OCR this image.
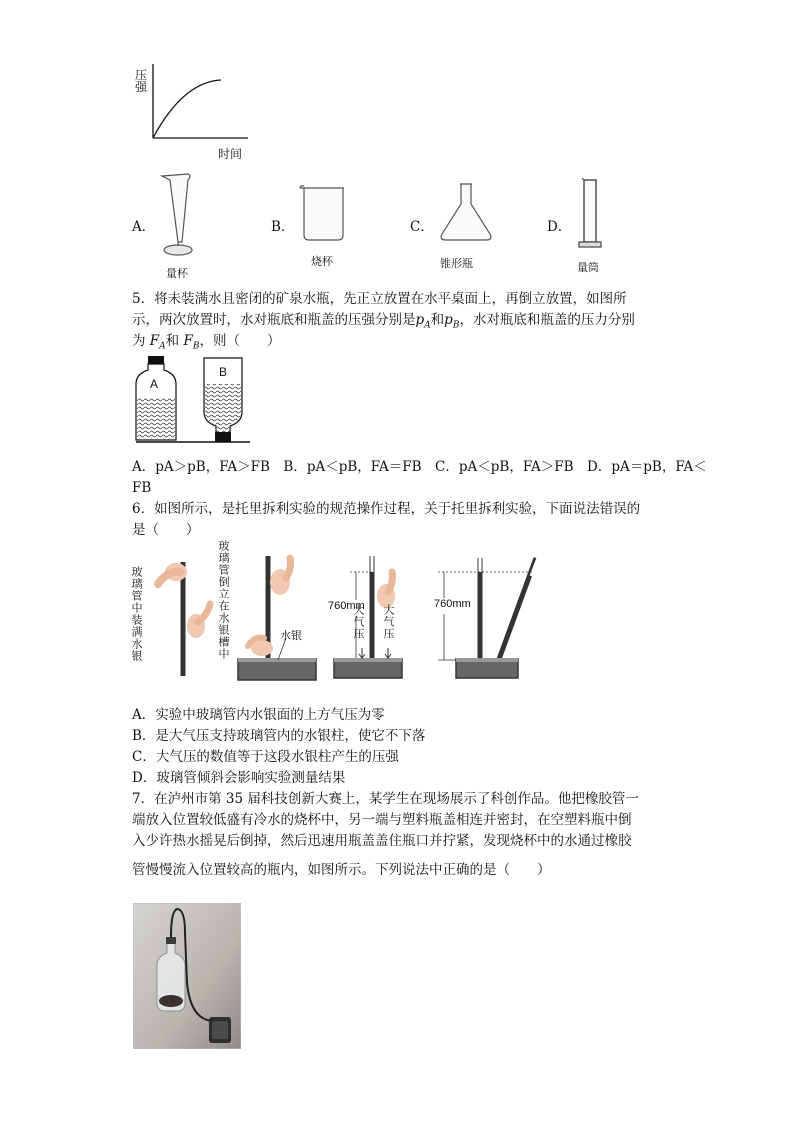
压
强
时间
A．
量杯
B．
烧杯
C．
锥形瓶
D．
量筒
5．将未装满水且密闭的矿泉水瓶，先正立放置在水平桌面上，再倒立放置，如图所
示，两次放置时，水对瓶底和瓶盖的压强分别是$p_A$和$p_B$，水对瓶底和瓶盖的压力分别
为 $F_A$和 $F_B$，则（　　）
A
B
A．pA＞pB，FA＞FB　B．pA＜pB，FA＝FB　C．pA＜pB，FA＞FB　D．pA＝pB，FA＜
FB
6．如图所示，是托里拆利实验的规范操作过程，关于托里拆利实验，下面说法错误的
是（　　）
玻璃管中装满水银	玻璃管倒立在水银槽中	水银
760mm	760mm
大气压 大气压
A．实验中玻璃管内水银面的上方气压为零
B．是大气压支持玻璃管内的水银柱，使它不下落
C．大气压的数值等于这段水银柱产生的压强
D．玻璃管倾斜会影响实验测量结果
7．在泸州市第 35 届科技创新大赛上，某学生在现场展示了科创作品。他把橡胶管一
端放入位置较低盛有冷水的烧杯中，另一端与塑料瓶盖相连并密封，在空塑料瓶中倒
入少许热水摇晃后倒掉，然后迅速用瓶盖盖住瓶口并拧紧，发现烧杯中的水通过橡胶
管慢慢流入位置较高的瓶内，如图所示。下列说法中正确的是（　　）
